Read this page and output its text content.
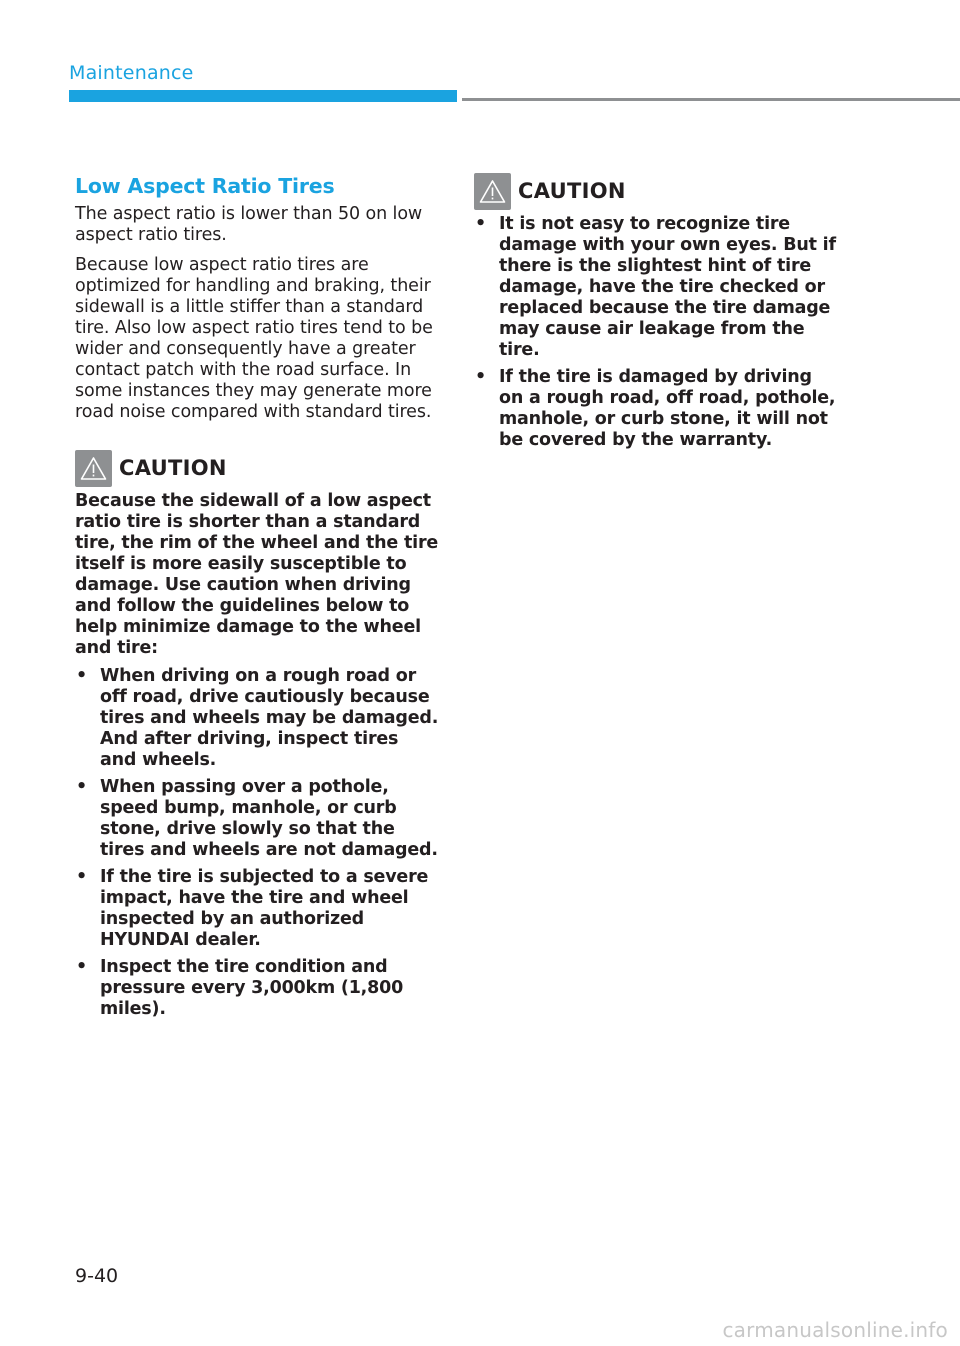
Maintenance
Low Aspect Ratio Tires

The aspect ratio is lower than 50 on low aspect ratio tires.

Because low aspect ratio tires are optimized for handling and braking, their sidewall is a little stiffer than a standard tire. Also low aspect ratio tires tend to be wider and consequently have a greater contact patch with the road surface. In some instances they may generate more road noise compared with standard tires.

CAUTION

Because the sidewall of a low aspect ratio tire is shorter than a standard tire, the rim of the wheel and the tire itself is more easily susceptible to damage. Use caution when driving and follow the guidelines below to help minimize damage to the wheel and tire:

• When driving on a rough road or off road, drive cautiously because tires and wheels may be damaged. And after driving, inspect tires and wheels.
• When passing over a pothole, speed bump, manhole, or curb stone, drive slowly so that the tires and wheels are not damaged.
• If the tire is subjected to a severe impact, have the tire and wheel inspected by an authorized HYUNDAI dealer.
• Inspect the tire condition and pressure every 3,000km (1,800 miles).
CAUTION
• It is not easy to recognize tire damage with your own eyes. But if there is the slightest hint of tire damage, have the tire checked or replaced because the tire damage may cause air leakage from the tire.
• If the tire is damaged by driving on a rough road, off road, pothole, manhole, or curb stone, it will not be covered by the warranty.
9-40
carmanualsonline.info
